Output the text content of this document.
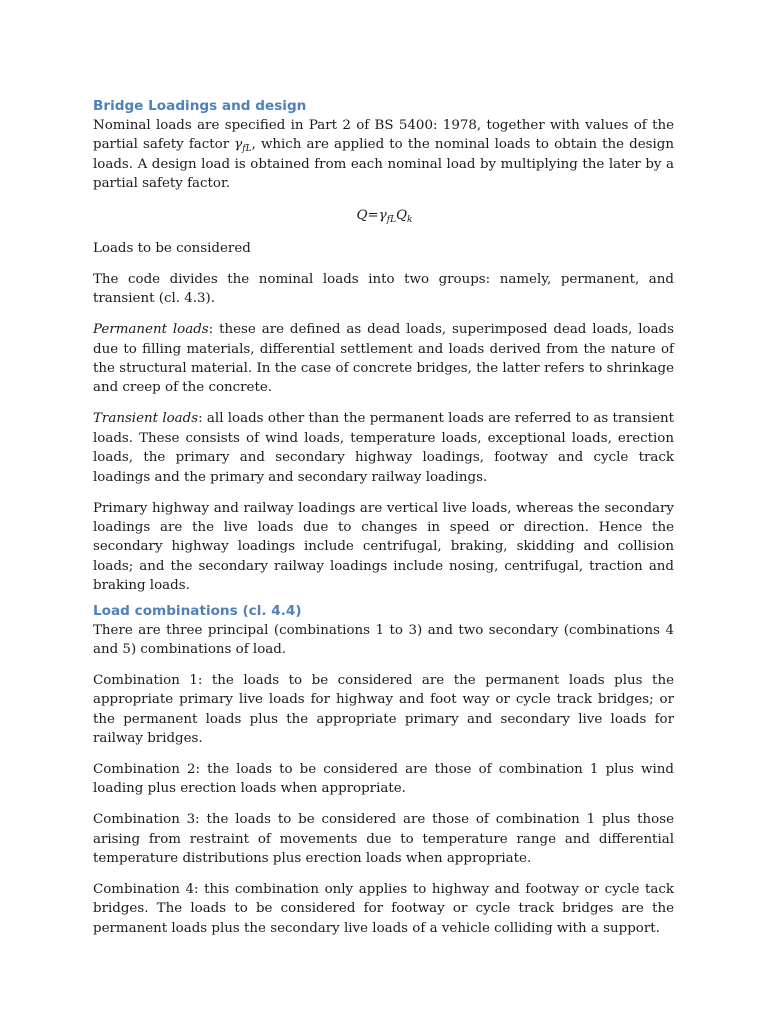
Bridge Loadings and design

Nominal loads are specified in Part 2 of BS 5400: 1978, together with values of the partial safety factor $\gamma_{fL}$, which are applied to the nominal loads to obtain the design loads. A design load is obtained from each nominal load by multiplying the later by a partial safety factor.

$Q=\gamma_{fL}Q_k$

Loads to be considered

The code divides the nominal loads into two groups: namely, permanent, and transient (cl. 4.3).

Permanent loads: these are defined as dead loads, superimposed dead loads, loads due to filling materials, differential settlement and loads derived from the nature of the structural material. In the case of concrete bridges, the latter refers to shrinkage and creep of the concrete.

Transient loads: all loads other than the permanent loads are referred to as transient loads. These consists of wind loads, temperature loads, exceptional loads, erection loads, the primary and secondary highway loadings, footway and cycle track loadings and the primary and secondary railway loadings.

Primary highway and railway loadings are vertical live loads, whereas the secondary loadings are the live loads due to changes in speed or direction. Hence the secondary highway loadings include centrifugal, braking, skidding and collision loads; and the secondary railway loadings include nosing, centrifugal, traction and braking loads.

Load combinations (cl. 4.4)

There are three principal (combinations 1 to 3) and two secondary (combinations 4 and 5) combinations of load.

Combination 1: the loads to be considered are the permanent loads plus the appropriate primary live loads for highway and foot way or cycle track bridges; or the permanent loads plus the appropriate primary and secondary live loads for railway bridges.

Combination 2: the loads to be considered are those of combination 1 plus wind loading plus erection loads when appropriate.

Combination 3: the loads to be considered are those of combination 1 plus those arising from restraint of movements due to temperature range and differential temperature distributions plus erection loads when appropriate.

Combination 4: this combination only applies to highway and footway or cycle tack bridges. The loads to be considered for footway or cycle track bridges are the permanent loads plus the secondary live loads of a vehicle colliding with a support.
